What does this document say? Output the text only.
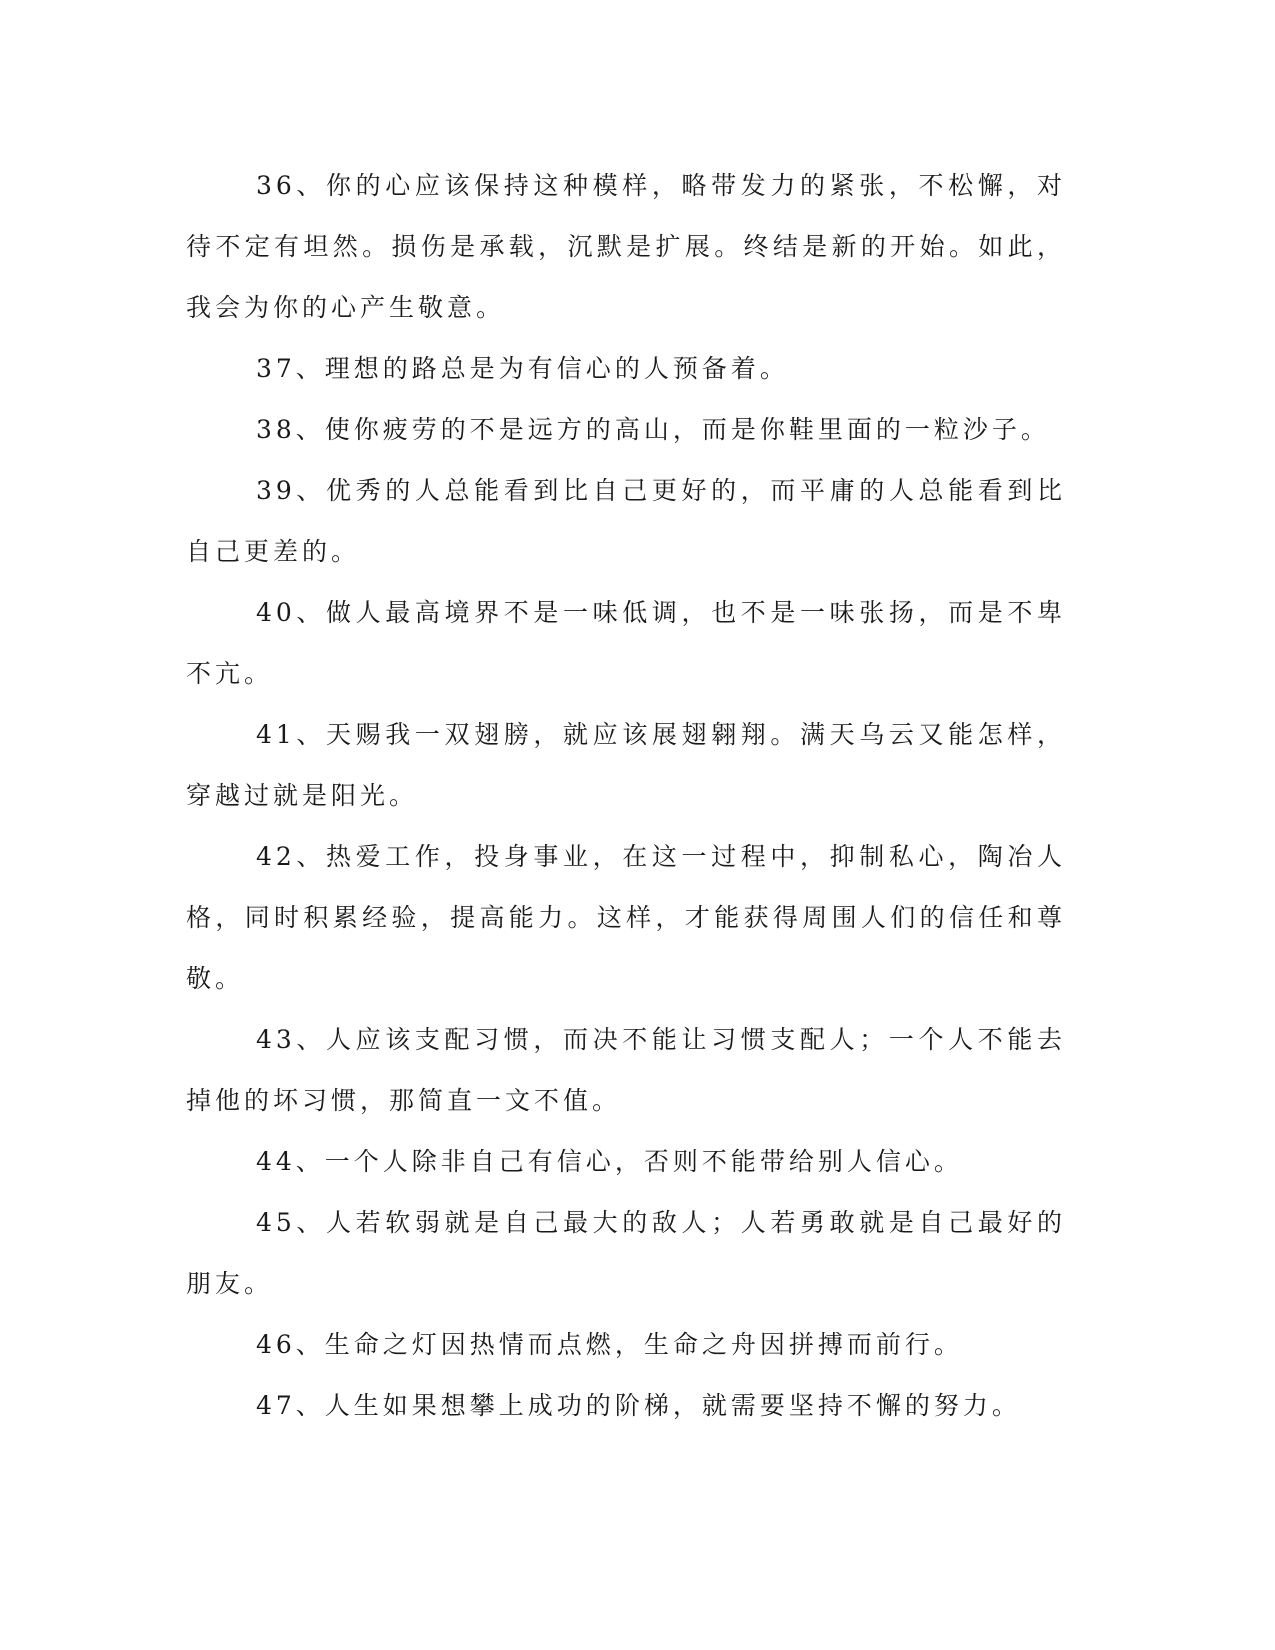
36、你的心应该保持这种模样，略带发力的紧张，不松懈，对待不定有坦然。损伤是承载，沉默是扩展。终结是新的开始。如此，我会为你的心产生敬意。

37、理想的路总是为有信心的人预备着。

38、使你疲劳的不是远方的高山，而是你鞋里面的一粒沙子。

39、优秀的人总能看到比自己更好的，而平庸的人总能看到比自己更差的。

40、做人最高境界不是一味低调，也不是一味张扬，而是不卑不亢。

41、天赐我一双翅膀，就应该展翅翱翔。满天乌云又能怎样，穿越过就是阳光。

42、热爱工作，投身事业，在这一过程中，抑制私心，陶冶人格，同时积累经验，提高能力。这样，才能获得周围人们的信任和尊敬。

43、人应该支配习惯，而决不能让习惯支配人；一个人不能去掉他的坏习惯，那简直一文不值。

44、一个人除非自己有信心，否则不能带给别人信心。

45、人若软弱就是自己最大的敌人；人若勇敢就是自己最好的朋友。

46、生命之灯因热情而点燃，生命之舟因拼搏而前行。

47、人生如果想攀上成功的阶梯，就需要坚持不懈的努力。
